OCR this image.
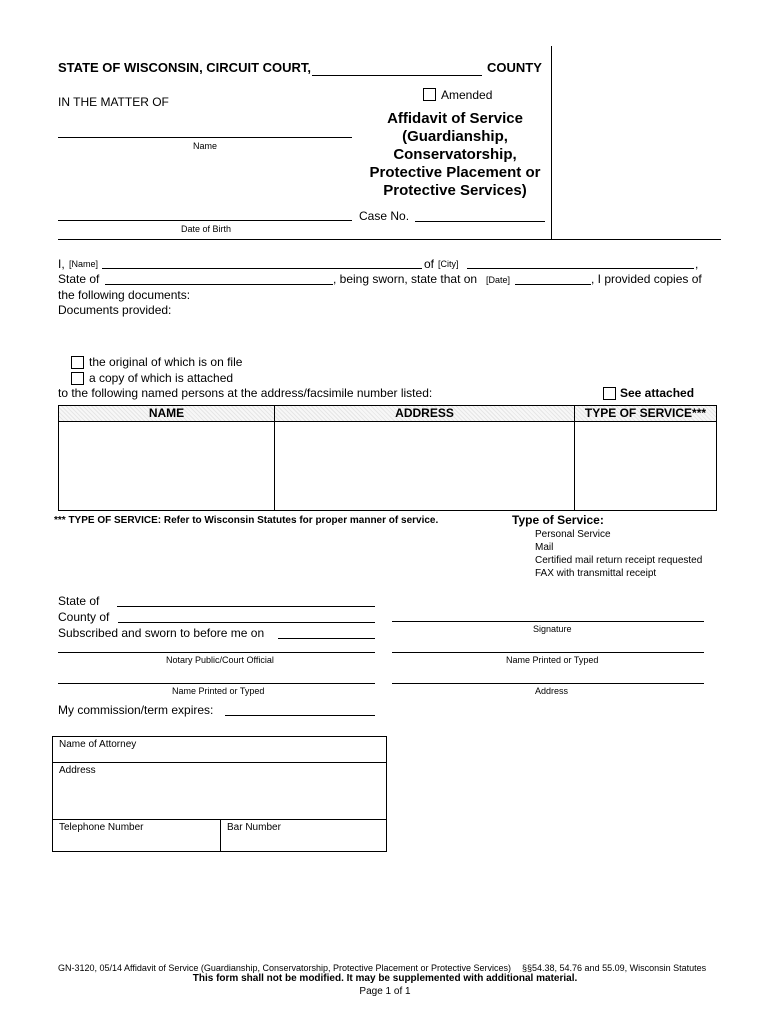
STATE OF WISCONSIN, CIRCUIT COURT,	COUNTY
IN THE MATTER OF
Name
Date of Birth
Amended
Affidavit of Service
(Guardianship,
Conservatorship,
Protective Placement or
Protective Services)
Case No.
I, [Name]	of [City]	,
State of	, being sworn, state that on [Date]	, I provided copies of
the following documents:
Documents provided:
the original of which is on file
a copy of which is attached
to the following named persons at the address/facsimile number listed:	See attached
NAME	ADDRESS	TYPE OF SERVICE***
*** TYPE OF SERVICE: Refer to Wisconsin Statutes for proper manner of service.	Type of Service:
Personal Service
Mail
Certified mail return receipt requested
FAX with transmittal receipt
State of
County of
Subscribed and sworn to before me on
Notary Public/Court Official
Name Printed or Typed
My commission/term expires:
Signature
Name Printed or Typed
Address
Name of Attorney
Address
Telephone Number	Bar Number
GN-3120, 05/14 Affidavit of Service (Guardianship, Conservatorship, Protective Placement or Protective Services) §§54.38, 54.76 and 55.09, Wisconsin Statutes
This form shall not be modified. It may be supplemented with additional material.
Page 1 of 1
